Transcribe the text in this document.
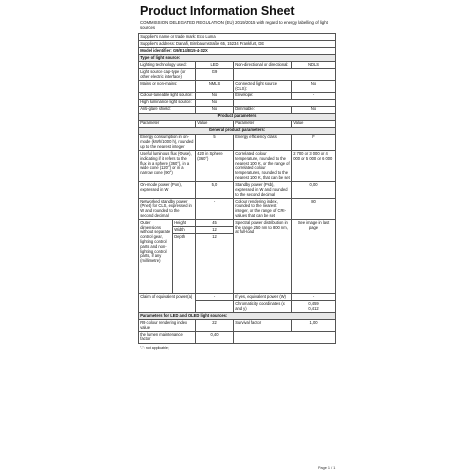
Product Information Sheet
COMMISSION DELEGATED REGULATION (EU) 2019/2015 with regard to energy labelling of light sources
Supplier's name or trade mark: Eco Luma				
Supplier's address: Danafi, Birnbaumstraße 65, 15234 Frankfurt, DE				
Model identifier: G9/E14/B15-4-32X				
Type of light source:				
Lighting technology used:		LED	Non-directional or directional:	NDLS
Light source cap-type (or other electric interface)		G9		
Mains or non-mains:		NMLS	Connected light source (CLS):	No
Colour-tuneable light source:		No	Envelope:	-
High luminance light source:		No		
Anti-glare shield:		No	Dimmable:	No
Product parameters				
Parameter		Value	Parameter	Value
General product parameters:				
Energy consumption in on-mode (kWh/1000 h), rounded up to the nearest integer		5	Energy efficiency class	F
Useful luminous flux (Φuse), indicating if it refers to the flux in a sphere (360°), in a wide cone (120°) or in a narrow cone (90°)		420 in Sphere (360°)	Correlated colour temperature, rounded to the nearest 100 K, or the range of correlated colour temperatures, rounded to the nearest 100 K, that can be set	2 700 or 3 000 or 4 000 or 5 000 or 6 000
On-mode power (Pon), expressed in W		5,0	Standby power (Psb), expressed in W and rounded to the second decimal	0,00
Networked standby power (Pnet) for CLS, expressed in W and rounded to the second decimal		-	Colour rendering index, rounded to the nearest integer, or the range of CRI-values that can be set	80
Outer dimensions without separate control gear, lighting control parts and non-lighting control parts, if any (millimetre)	Height	45	Spectral power distribution in the range 250 nm to 800 nm, at full-load	See image in last page
	Width	12		
	Depth	12		
Claim of equivalent power(a)		-	If yes, equivalent power (W)	-
			Chromaticity coordinates (x and y)	0,459
0,412

Parameters for LED and OLED light sources:				
R9 colour rendering index value		22	Survival factor	1,00
the lumen maintenance factor		0,40		
"-": not applicable;
Page 1 / 1
